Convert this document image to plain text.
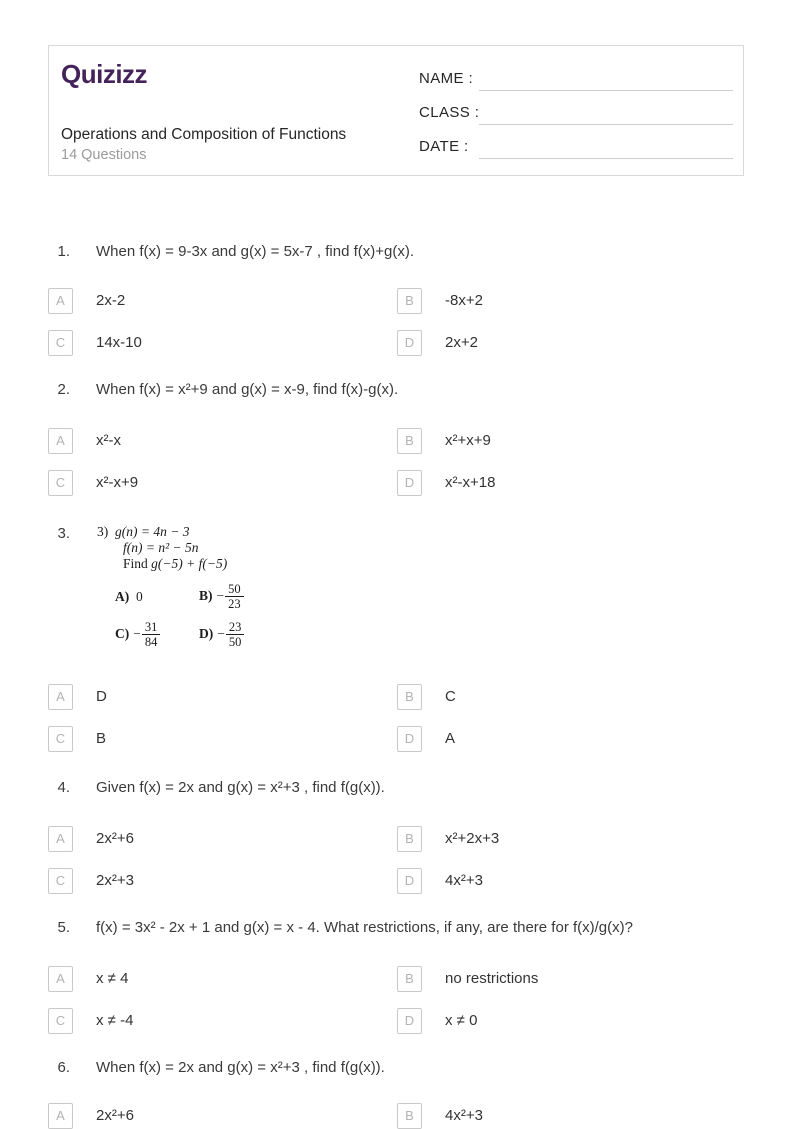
Quizizz
Operations and Composition of Functions
14 Questions
NAME :
CLASS :
DATE :
1. When f(x) = 9-3x and g(x) = 5x-7 , find f(x)+g(x).
A	2x-2	B	-8x+2
C	14x-10	D	2x+2
2. When f(x) = x²+9 and g(x) = x-9, find f(x)-g(x).
A	x²-x	B	x²+x+9
C	x²-x+9	D	x²-x+18
3. 3) g(n) = 4n − 3
f(n) = n² − 5n
Find g(−5) + f(−5)
A) 0	$B) - \frac{50}{23}$
$C) - \frac{31}{84}$	$D) - \frac{23}{50}$
A	D	B	C
C	B	D	A
4. Given f(x) = 2x and g(x) = x²+3 , find f(g(x)).
A	2x²+6	B	x²+2x+3
C	2x²+3	D	4x²+3
5. f(x) = 3x² - 2x + 1 and g(x) = x - 4. What restrictions, if any, are there for f(x)/g(x)?
A	x ≠ 4	B	no restrictions
C	x ≠ -4	D	x ≠ 0
6. When f(x) = 2x and g(x) = x²+3 , find f(g(x)).
A	2x²+6	B	4x²+3
